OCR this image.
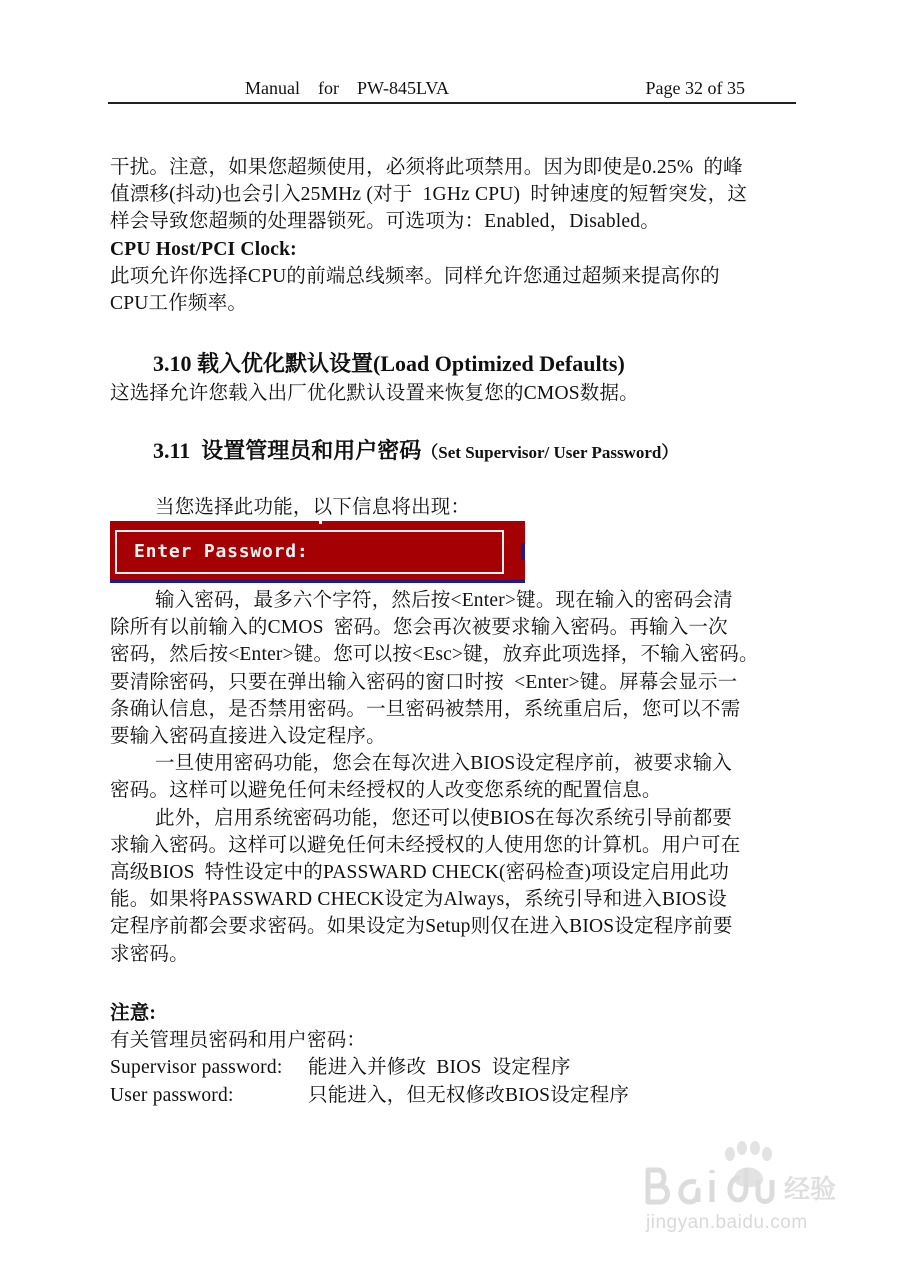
Manual    for    PW-845LVA	Page 32 of 35
干扰。注意，如果您超频使用，必须将此项禁用。因为即使是0.25%  的峰
值漂移(抖动)也会引入25MHz (对于  1GHz CPU)  时钟速度的短暂突发，这
样会导致您超频的处理器锁死。可选项为：Enabled，Disabled。
CPU Host/PCI Clock:
此项允许你选择CPU的前端总线频率。同样允许您通过超频来提高你的
CPU工作频率。
3.10 载入优化默认设置(Load Optimized Defaults)
这选择允许您载入出厂优化默认设置来恢复您的CMOS数据。
3.11  设置管理员和用户密码（Set Supervisor/ User Password）
当您选择此功能，以下信息将出现：
Enter Password:
输入密码，最多六个字符，然后按<Enter>键。现在输入的密码会清
除所有以前输入的CMOS  密码。您会再次被要求输入密码。再输入一次
密码，然后按<Enter>键。您可以按<Esc>键，放弃此项选择，不输入密码。
要清除密码，只要在弹出输入密码的窗口时按  <Enter>键。屏幕会显示一
条确认信息，是否禁用密码。一旦密码被禁用，系统重启后，您可以不需
要输入密码直接进入设定程序。
一旦使用密码功能，您会在每次进入BIOS设定程序前，被要求输入
密码。这样可以避免任何未经授权的人改变您系统的配置信息。
此外，启用系统密码功能，您还可以使BIOS在每次系统引导前都要
求输入密码。这样可以避免任何未经授权的人使用您的计算机。用户可在
高级BIOS  特性设定中的PASSWARD CHECK(密码检查)项设定启用此功
能。如果将PASSWARD CHECK设定为Always，系统引导和进入BIOS设
定程序前都会要求密码。如果设定为Setup则仅在进入BIOS设定程序前要
求密码。
注意:
有关管理员密码和用户密码：
Supervisor password: 能进入并修改  BIOS  设定程序
User password:	只能进入，但无权修改BIOS设定程序
经验
jingyan.baidu.com
